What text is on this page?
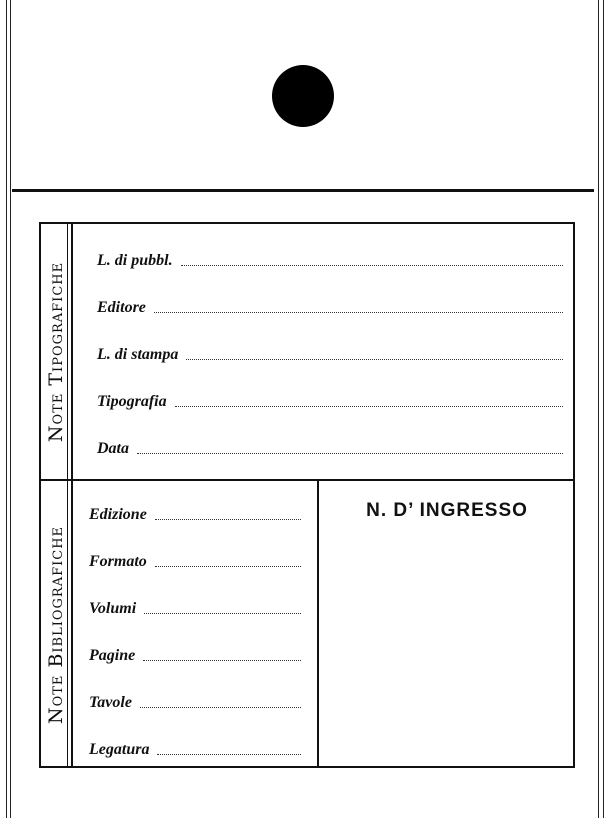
Note Tipografiche
L. di pubbl.
Editore
L. di stampa
Tipografia
Data
Note Bibliografiche
Edizione
Formato
Volumi
Pagine
Tavole
Legatura
N. D’ INGRESSO
